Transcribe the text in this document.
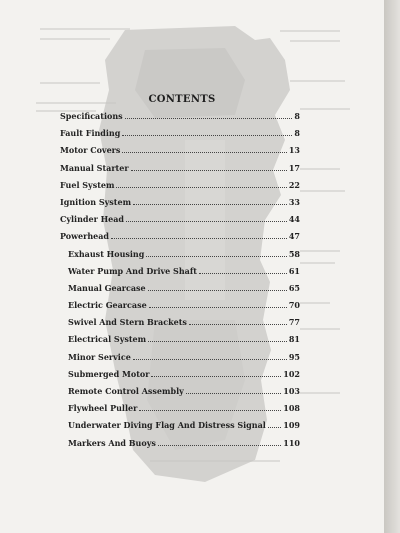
CONTENTS
Specifications	8
Fault Finding	8
Motor Covers	13
Manual Starter	17
Fuel System	22
Ignition System	33
Cylinder Head	44
Powerhead	47
Exhaust Housing	58
Water Pump And Drive Shaft	61
Manual Gearcase	65
Electric Gearcase	70
Swivel And Stern Brackets	77
Electrical System	81
Minor Service	95
Submerged Motor	102
Remote Control Assembly	103
Flywheel Puller	108
Underwater Diving Flag And Distress Signal 109
Markers And Buoys	110
